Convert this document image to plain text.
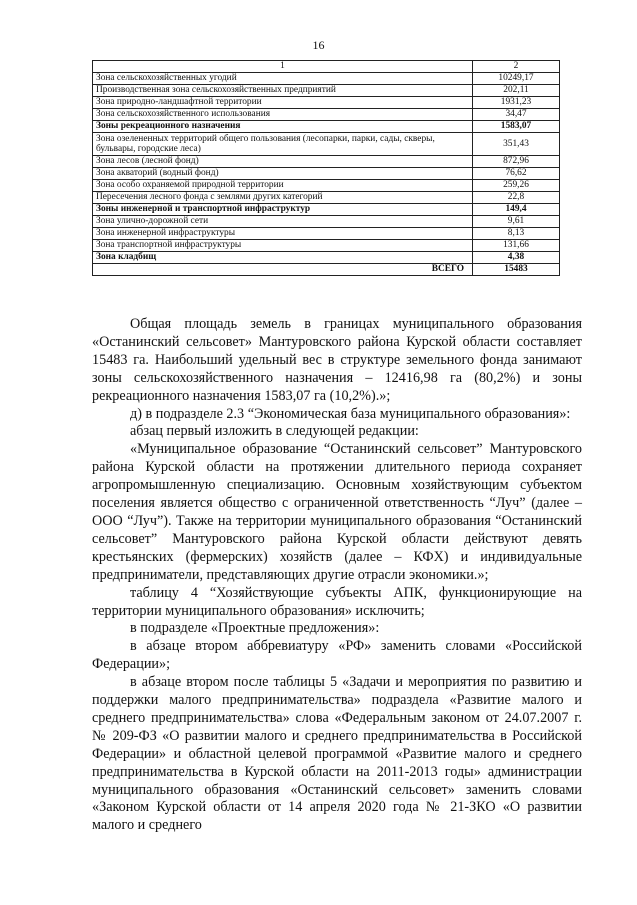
16
1	2
Зона сельскохозяйственных угодий	10249,17
Производственная зона сельскохозяйственных предприятий	202,11
Зона природно-ландшафтной территории	1931,23
Зона сельскохозяйственного использования	34,47
Зоны рекреационного назначения	1583,07
Зона озелененных территорий общего пользования (лесопарки, парки, сады, скверы, бульвары, городские леса)	351,43
Зона лесов (лесной фонд)	872,96
Зона акваторий (водный фонд)	76,62
Зона особо охраняемой природной территории	259,26
Пересечения лесного фонда с землями других категорий	22,8
Зоны инженерной и транспортной инфраструктур	149,4
Зона улично-дорожной сети	9,61
Зона инженерной инфраструктуры	8,13
Зона транспортной инфраструктуры	131,66
Зона кладбищ	4,38
ВСЕГО	15483

Общая площадь земель в границах муниципального образования «Останинский сельсовет» Мантуровского района Курской области составляет 15483 га. Наибольший удельный вес в структуре земельного фонда занимают зоны сельскохозяйственного назначения – 12416,98 га (80,2%) и зоны рекреационного назначения 1583,07 га (10,2%).»;

д) в подразделе 2.3 “Экономическая база муниципального образования»:

абзац первый изложить в следующей редакции:

«Муниципальное образование “Останинский сельсовет” Мантуровского района Курской области на протяжении длительного периода сохраняет агропромышленную специализацию. Основным хозяйствующим субъектом поселения является общество с ограниченной ответственность “Луч” (далее – ООО “Луч”). Также на территории муниципального образования “Останинский сельсовет” Мантуровского района Курской области действуют девять крестьянских (фермерских) хозяйств (далее – КФХ) и индивидуальные предприниматели, представляющих другие отрасли экономики.»;

таблицу 4 “Хозяйствующие субъекты АПК, функционирующие на территории муниципального образования» исключить;

в подразделе «Проектные предложения»:

в абзаце втором аббревиатуру «РФ» заменить словами «Российской Федерации»;

в абзаце втором после таблицы 5 «Задачи и мероприятия по развитию и поддержки малого предпринимательства» подраздела «Развитие малого и среднего предпринимательства» слова «Федеральным законом от 24.07.2007 г. № 209-ФЗ «О развитии малого и среднего предпринимательства в Российской Федерации» и областной целевой программой «Развитие малого и среднего предпринимательства в Курской области на 2011-2013 годы» администрации муниципального образования «Останинский сельсовет» заменить словами «Законом Курской области от 14 апреля 2020 года № 21-ЗКО «О развитии малого и среднего
